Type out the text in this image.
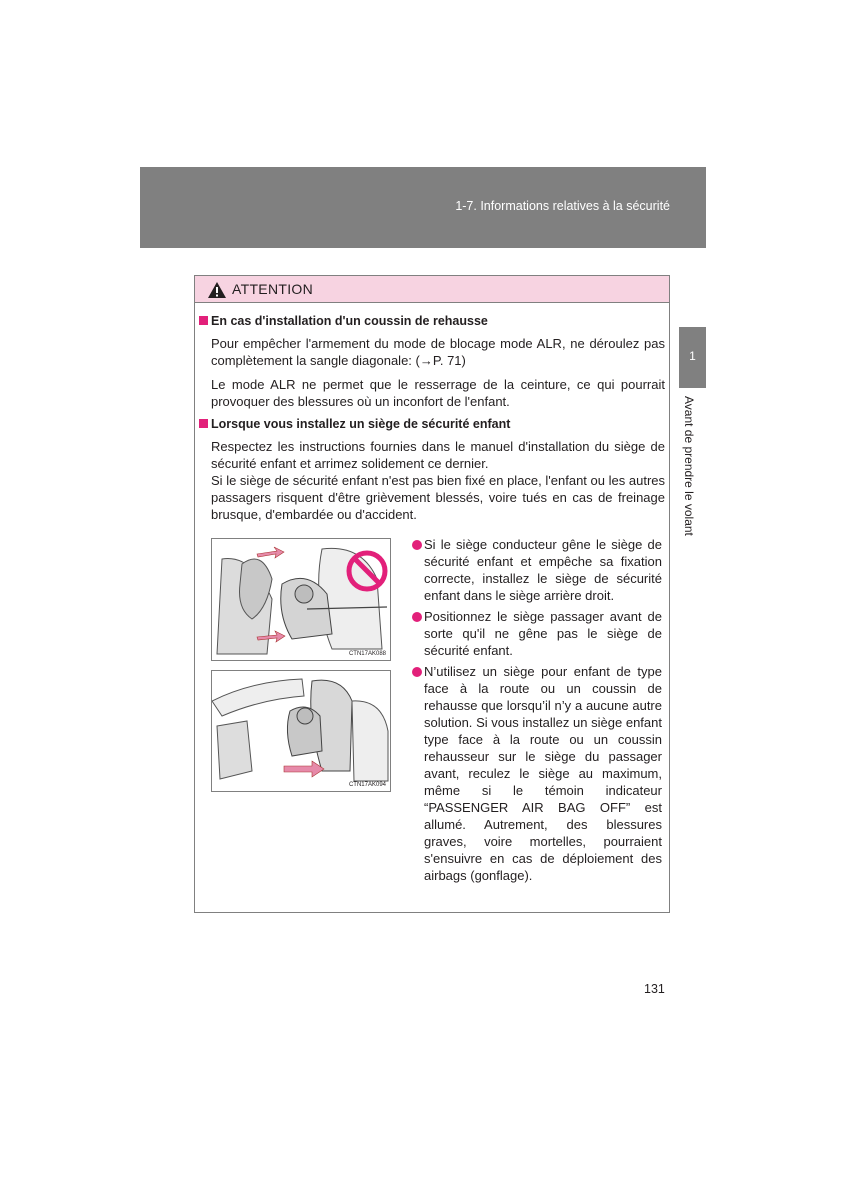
1-7. Informations relatives à la sécurité
1
Avant de prendre le volant
ATTENTION
En cas d'installation d'un coussin de rehausse

Pour empêcher l'armement du mode de blocage mode ALR, ne déroulez pas complètement la sangle diagonale: (→P. 71)

Le mode ALR ne permet que le resserrage de la ceinture, ce qui pourrait provoquer des blessures où un inconfort de l'enfant.

Lorsque vous installez un siège de sécurité enfant

Respectez les instructions fournies dans le manuel d'installation du siège de sécurité enfant et arrimez solidement ce dernier.

Si le siège de sécurité enfant n'est pas bien fixé en place, l'enfant ou les autres passagers risquent d'être grièvement blessés, voire tués en cas de freinage brusque, d'embardée ou d'accident.

CTN17AK088
CTN17AK094
Si le siège conducteur gêne le siège de sécurité enfant et empêche sa fixation correcte, installez le siège de sécurité enfant dans le siège arrière droit.
Positionnez le siège passager avant de sorte qu'il ne gêne pas le siège de sécurité enfant.
N’utilisez un siège pour enfant de type face à la route ou un coussin de rehausse que lorsqu’il n’y a aucune autre solution. Si vous installez un siège enfant type face à la route ou un coussin rehausseur sur le siège du passager avant, reculez le siège au maximum, même si le témoin indicateur “PASSENGER AIR BAG OFF” est allumé. Autrement, des blessures graves, voire mortelles, pourraient s'ensuivre en cas de déploiement des airbags (gonflage).
131
